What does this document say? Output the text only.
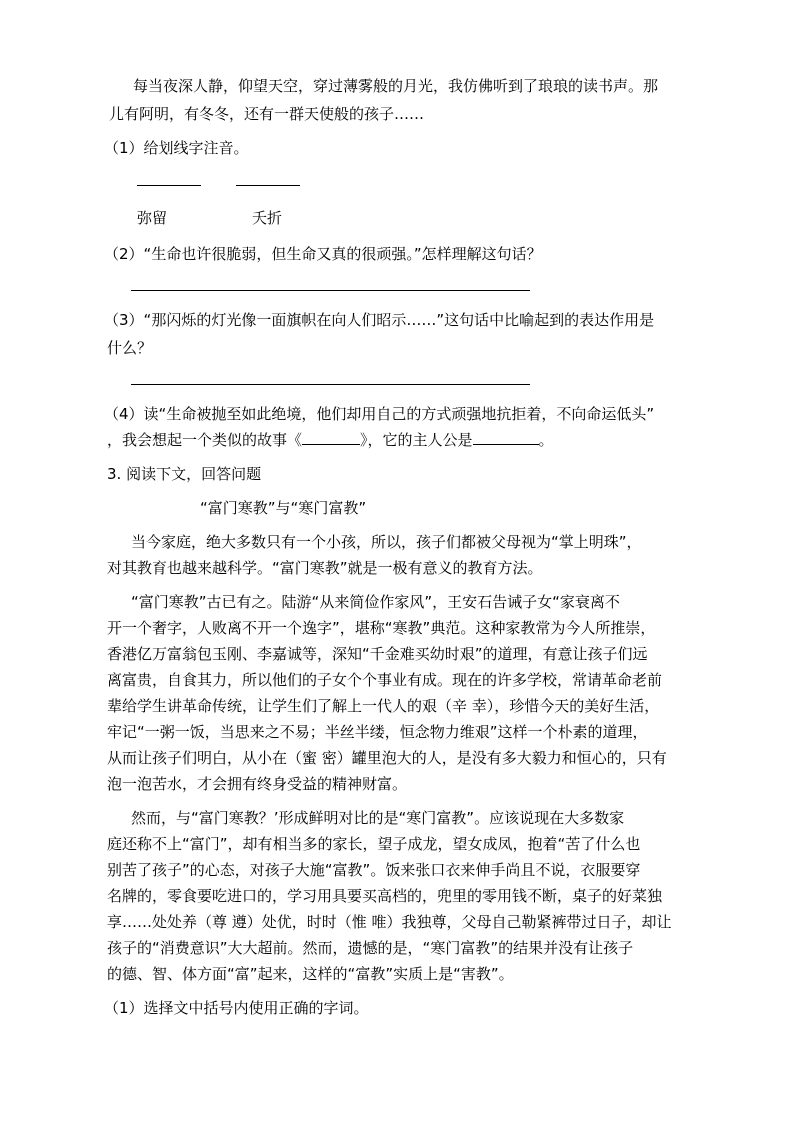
每当夜深人静，仰望天空，穿过薄雾般的月光，我仿佛听到了琅琅的读书声。那
儿有阿明，有冬冬，还有一群天使般的孩子……
（1）给划线字注音。
弥留	夭折
（2）“生命也许很脆弱，但生命又真的很顽强。”怎样理解这句话？
（3）“那闪烁的灯光像一面旗帜在向人们昭示……”这句话中比喻起到的表达作用是
什么？
（4）读“生命被抛至如此绝境，他们却用自己的方式顽强地抗拒着，不向命运低头”
，我会想起一个类似的故事《	》，它的主人公是	。
3. 阅读下文，回答问题
“富门寒教”与“寒门富教”
当今家庭，绝大多数只有一个小孩，所以，孩子们都被父母视为“掌上明珠”，
对其教育也越来越科学。“富门寒教”就是一极有意义的教育方法。
“富门寒教”古已有之。陆游“从来简俭作家风”，王安石告诫子女“家衰离不
开一个奢字，人败离不开一个逸字”，堪称“寒教”典范。这种家教常为今人所推崇，
香港亿万富翁包玉刚、李嘉诚等，深知“千金难买幼时艰”的道理，有意让孩子们远
离富贵，自食其力，所以他们的子女个个事业有成。现在的许多学校，常请革命老前
辈给学生讲革命传统，让学生们了解上一代人的艰（辛 幸），珍惜今天的美好生活，
牢记“一粥一饭，当思来之不易；半丝半缕，恒念物力维艰”这样一个朴素的道理，
从而让孩子们明白，从小在（蜜 密）罐里泡大的人，是没有多大毅力和恒心的，只有
泡一泡苦水，才会拥有终身受益的精神财富。
然而，与“富门寒教？’形成鲜明对比的是“寒门富教”。应该说现在大多数家
庭还称不上“富门”，却有相当多的家长，望子成龙，望女成凤，抱着“苦了什么也
别苦了孩子”的心态，对孩子大施“富教”。饭来张口衣来伸手尚且不说，衣服要穿
名牌的，零食要吃进口的，学习用具要买高档的，兜里的零用钱不断，桌子的好菜独
享……处处养（尊 遵）处优，时时（惟 唯）我独尊，父母自己勒紧裤带过日子，却让
孩子的“消费意识”大大超前。然而，遗憾的是，“寒门富教”的结果并没有让孩子
的德、智、体方面“富”起来，这样的“富教”实质上是“害教”。
（1）选择文中括号内使用正确的字词。
